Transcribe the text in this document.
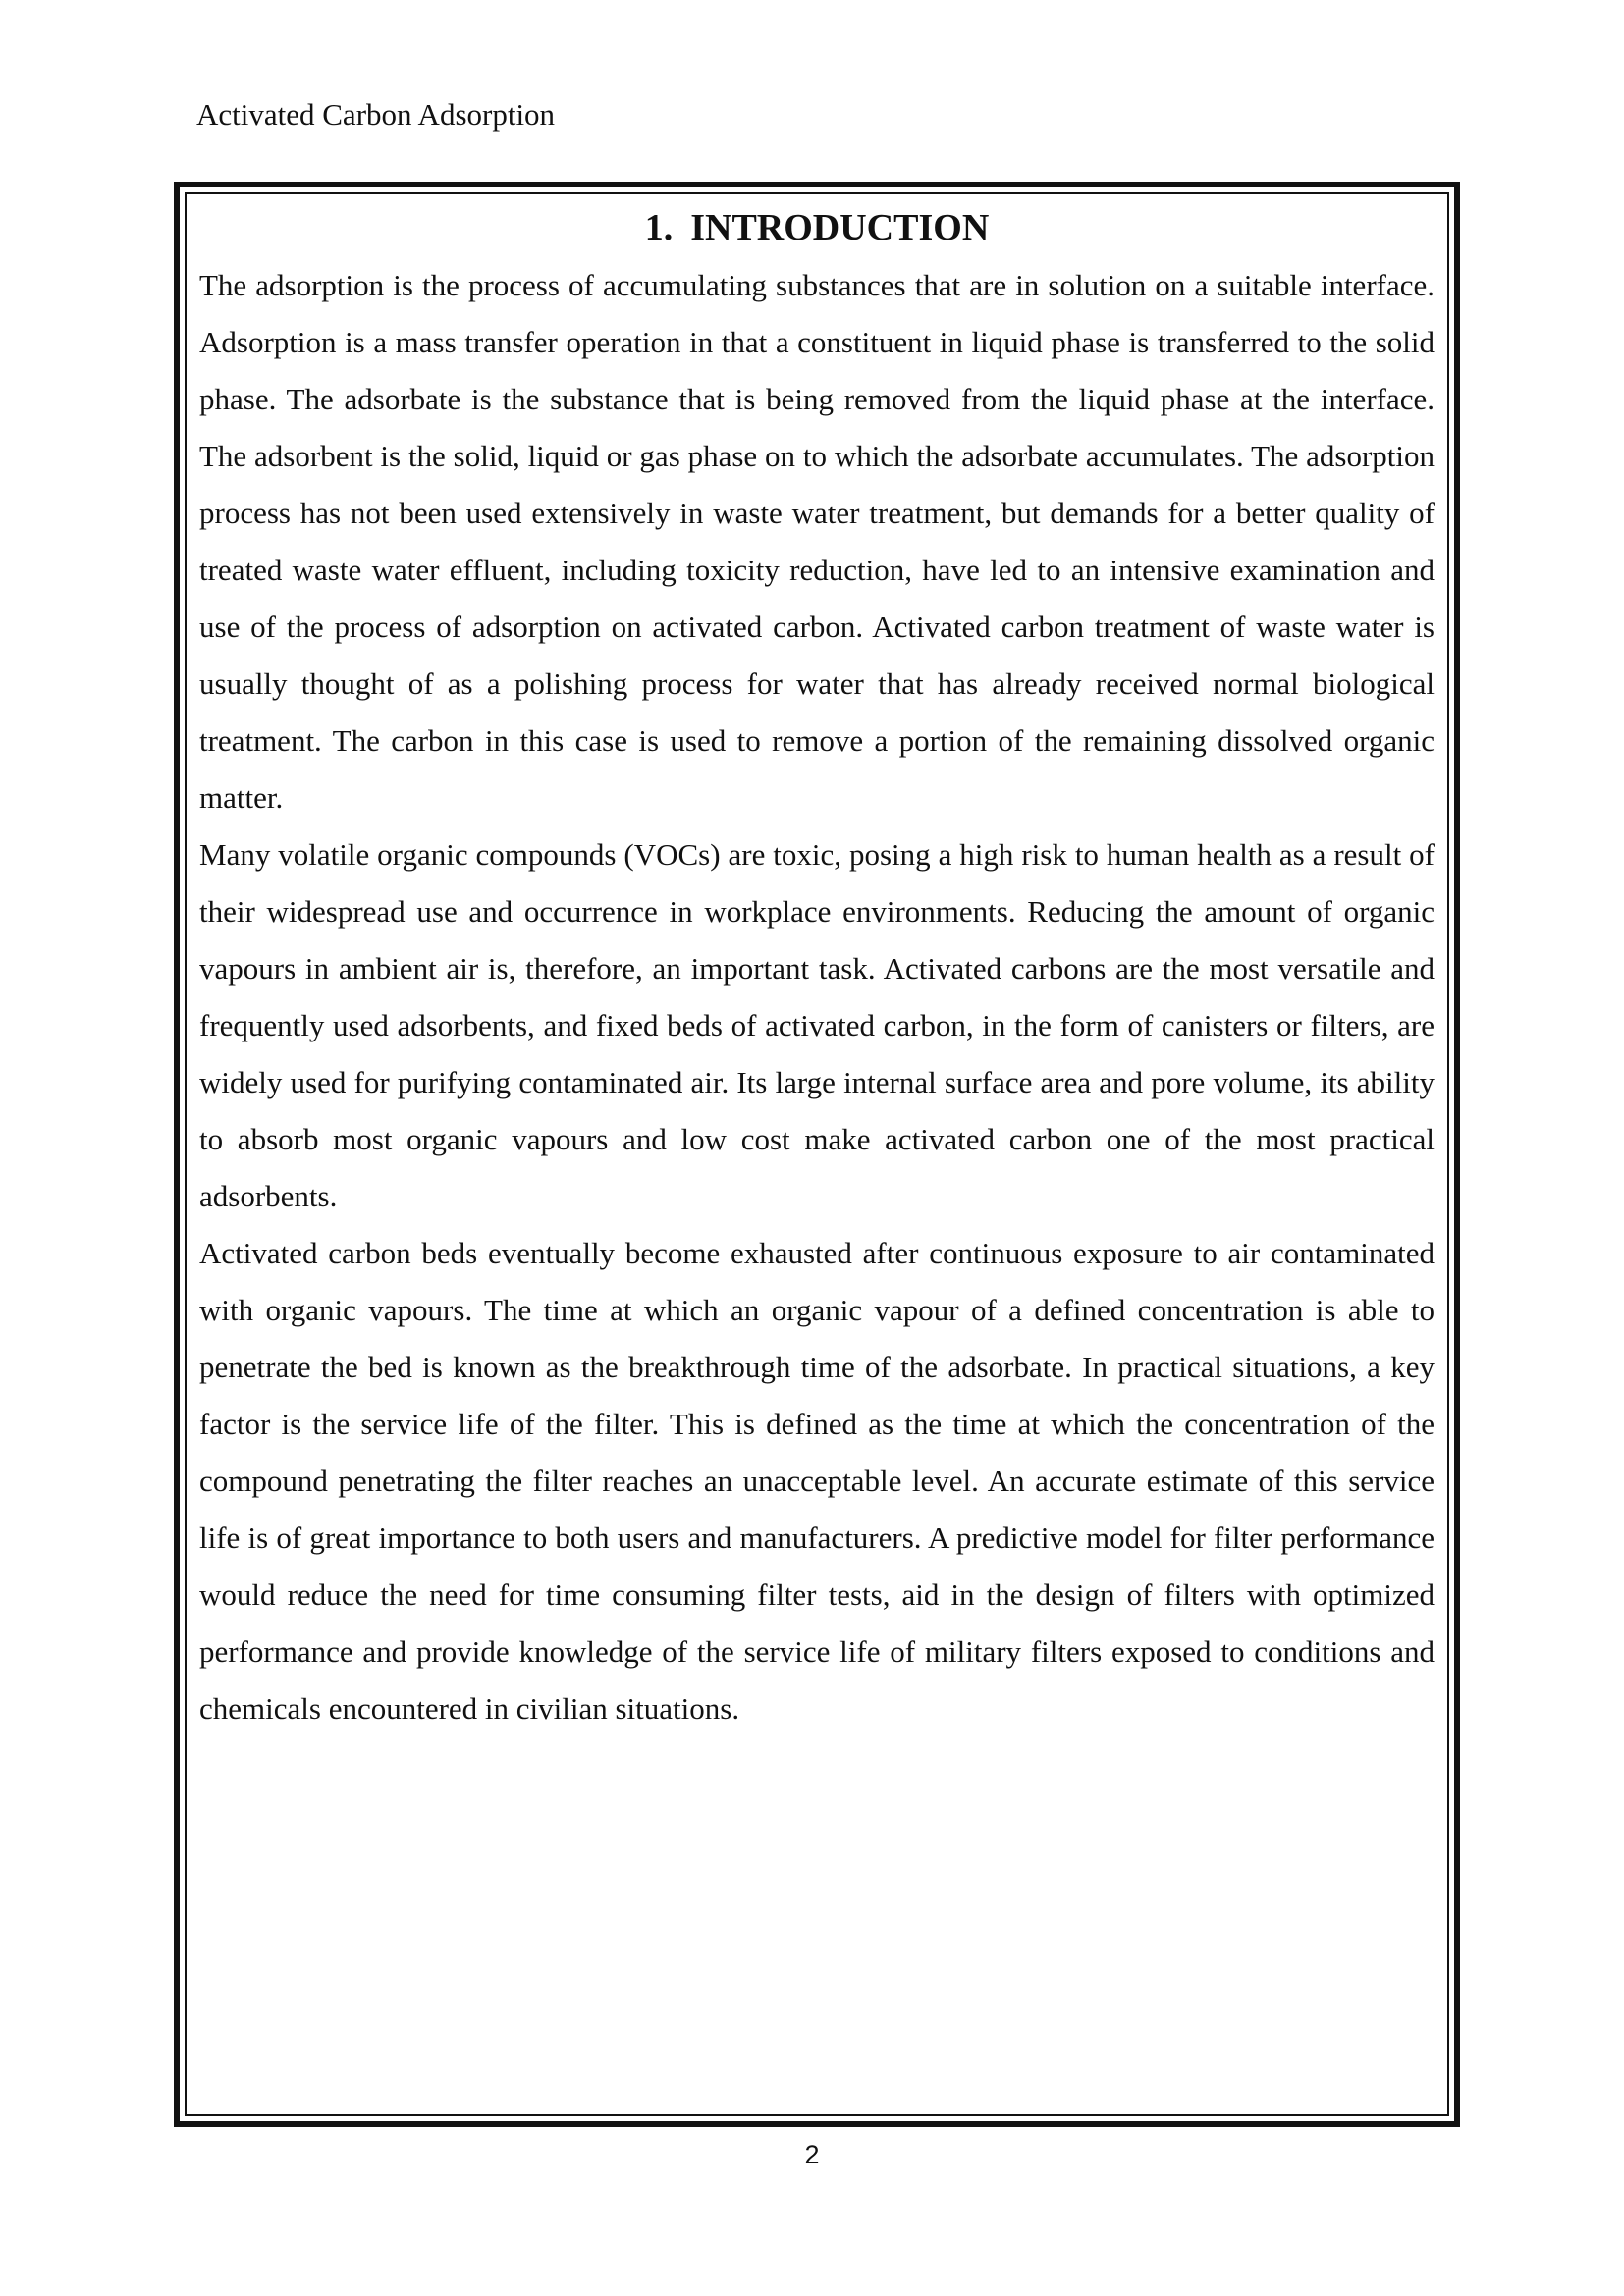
Activated Carbon Adsorption
1. INTRODUCTION

The adsorption is the process of accumulating substances that are in solution on a suitable interface. Adsorption is a mass transfer operation in that a constituent in liquid phase is transferred to the solid phase. The adsorbate is the substance that is being removed from the liquid phase at the interface. The adsorbent is the solid, liquid or gas phase on to which the adsorbate accumulates. The adsorption process has not been used extensively in waste water treatment, but demands for a better quality of treated waste water effluent, including toxicity reduction, have led to an intensive examination and use of the process of adsorption on activated carbon. Activated carbon treatment of waste water is usually thought of as a polishing process for water that has already received normal biological treatment. The carbon in this case is used to remove a portion of the remaining dissolved organic matter.

Many volatile organic compounds (VOCs) are toxic, posing a high risk to human health as a result of their widespread use and occurrence in workplace environments. Reducing the amount of organic vapours in ambient air is, therefore, an important task. Activated carbons are the most versatile and frequently used adsorbents, and fixed beds of activated carbon, in the form of canisters or filters, are widely used for purifying contaminated air. Its large internal surface area and pore volume, its ability to absorb most organic vapours and low cost make activated carbon one of the most practical adsorbents.

Activated carbon beds eventually become exhausted after continuous exposure to air contaminated with organic vapours. The time at which an organic vapour of a defined concentration is able to penetrate the bed is known as the breakthrough time of the adsorbate. In practical situations, a key factor is the service life of the filter. This is defined as the time at which the concentration of the compound penetrating the filter reaches an unacceptable level. An accurate estimate of this service life is of great importance to both users and manufacturers. A predictive model for filter performance would reduce the need for time consuming filter tests, aid in the design of filters with optimized performance and provide knowledge of the service life of military filters exposed to conditions and chemicals encountered in civilian situations.

2
